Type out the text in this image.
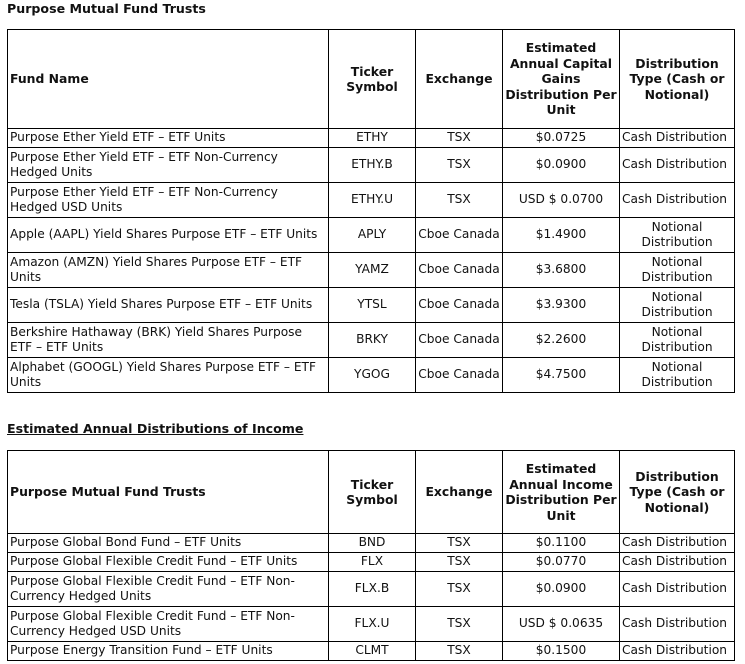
Purpose Mutual Fund Trusts
Fund Name	Ticker Symbol	Exchange	Estimated Annual Capital Gains Distribution Per Unit	Distribution Type (Cash or Notional)
Purpose Ether Yield ETF – ETF Units	ETHY	TSX	$0.0725	Cash Distribution
Purpose Ether Yield ETF – ETF Non-Currency Hedged Units	ETHY.B	TSX	$0.0900	Cash Distribution
Purpose Ether Yield ETF – ETF Non-Currency Hedged USD Units	ETHY.U	TSX	USD $ 0.0700	Cash Distribution
Apple (AAPL) Yield Shares Purpose ETF – ETF Units	APLY	Cboe Canada	$1.4900	Notional Distribution
Amazon (AMZN) Yield Shares Purpose ETF – ETF Units	YAMZ	Cboe Canada	$3.6800	Notional Distribution
Tesla (TSLA) Yield Shares Purpose ETF – ETF Units	YTSL	Cboe Canada	$3.9300	Notional Distribution
Berkshire Hathaway (BRK) Yield Shares Purpose ETF – ETF Units	BRKY	Cboe Canada	$2.2600	Notional Distribution
Alphabet (GOOGL) Yield Shares Purpose ETF – ETF Units	YGOG	Cboe Canada	$4.7500	Notional Distribution
Estimated Annual Distributions of Income
Purpose Mutual Fund Trusts	Ticker Symbol	Exchange	Estimated Annual Income Distribution Per Unit	Distribution Type (Cash or Notional)
Purpose Global Bond Fund – ETF Units	BND	TSX	$0.1100	Cash Distribution
Purpose Global Flexible Credit Fund – ETF Units	FLX	TSX	$0.0770	Cash Distribution
Purpose Global Flexible Credit Fund – ETF Non-Currency Hedged Units	FLX.B	TSX	$0.0900	Cash Distribution
Purpose Global Flexible Credit Fund – ETF Non-Currency Hedged USD Units	FLX.U	TSX	USD $ 0.0635	Cash Distribution
Purpose Energy Transition Fund – ETF Units	CLMT	TSX	$0.1500	Cash Distribution
